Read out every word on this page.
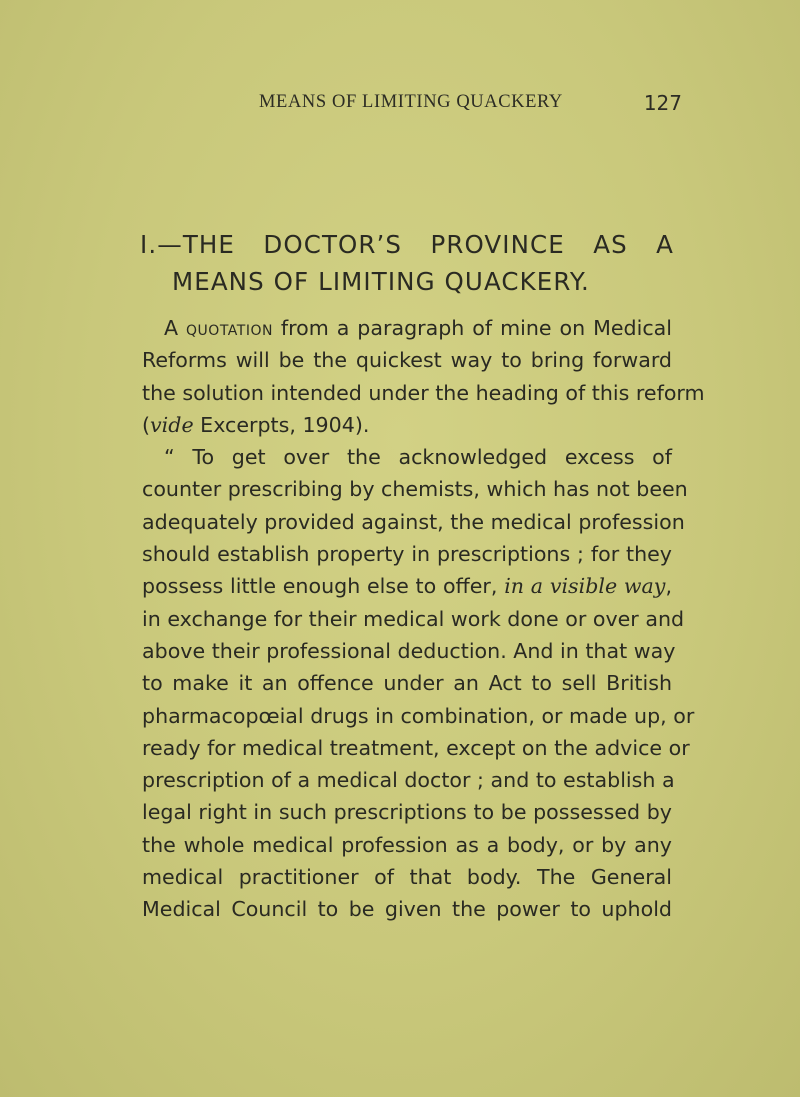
MEANS OF LIMITING QUACKERY	127
I.—THE DOCTOR’S PROVINCE AS A
MEANS OF LIMITING QUACKERY.
A quotation from a paragraph of mine on Medical
Reforms will be the quickest way to bring forward
the solution intended under the heading of this reform
(vide Excerpts, 1904).
“ To get over the acknowledged excess of
counter prescribing by chemists, which has not been
adequately provided against, the medical profession
should establish property in prescriptions ; for they
possess little enough else to offer, in a visible way,
in exchange for their medical work done or over and
above their professional deduction. And in that way
to make it an offence under an Act to sell British
pharmacopœial drugs in combination, or made up, or
ready for medical treatment, except on the advice or
prescription of a medical doctor ; and to establish a
legal right in such prescriptions to be possessed by
the whole medical profession as a body, or by any
medical practitioner of that body. The General
Medical Council to be given the power to uphold
